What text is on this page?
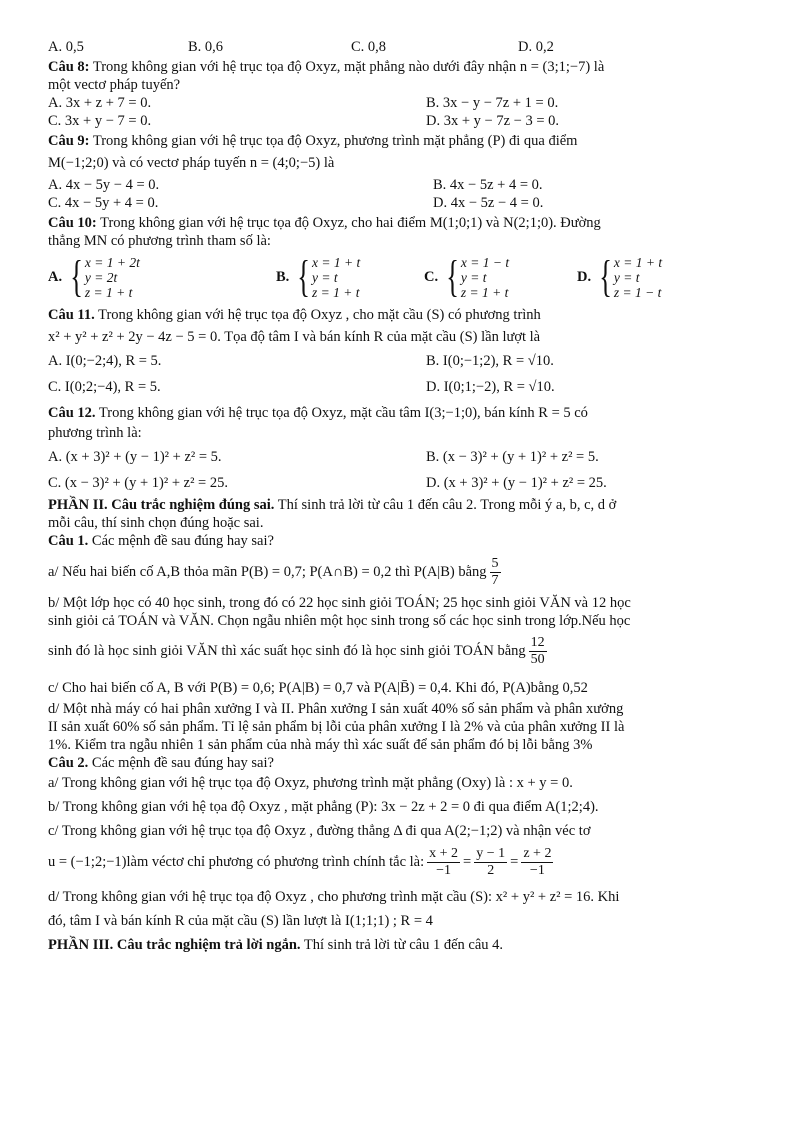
A. 0,5	B. 0,6	C. 0,8	D. 0,2

Câu 8: Trong không gian với hệ trục tọa độ Oxyz, mặt phẳng nào dưới đây nhận n = (3;1;−7) là

một vectơ pháp tuyến?

A. 3x + z + 7 = 0.	B. 3x − y − 7z + 1 = 0.
C. 3x + y − 7 = 0.	D. 3x + y − 7z − 3 = 0.

Câu 9: Trong không gian với hệ trục tọa độ Oxyz, phương trình mặt phẳng (P) đi qua điểm

M(−1;2;0) và có vectơ pháp tuyến n = (4;0;−5) là

A. 4x − 5y − 4 = 0.	B. 4x − 5z + 4 = 0.
C. 4x − 5y + 4 = 0.	D. 4x − 5z − 4 = 0.

Câu 10: Trong không gian với hệ trục tọa độ Oxyz, cho hai điểm M(1;0;1) và N(2;1;0). Đường

thẳng MN có phương trình tham số là:

A. { x = 1 + 2t
y = 2t
z = 1 + t
B. { x = 1 + t
y = t
z = 1 + t
C. { x = 1 − t
y = t
z = 1 + t
D. { x = 1 + t
y = t
z = 1 − t

Câu 11. Trong không gian với hệ trục tọa độ Oxyz , cho mặt cầu (S) có phương trình

x² + y² + z² + 2y − 4z − 5 = 0. Tọa độ tâm I và bán kính R của mặt cầu (S) lần lượt là

A. I(0;−2;4), R = 5.	B. I(0;−1;2), R = √10.
C. I(0;2;−4), R = 5.	D. I(0;1;−2), R = √10.

Câu 12. Trong không gian với hệ trục tọa độ Oxyz, mặt cầu tâm I(3;−1;0), bán kính R = 5 có

phương trình là:

A. (x + 3)² + (y − 1)² + z² = 5.	B. (x − 3)² + (y + 1)² + z² = 5.
C. (x − 3)² + (y + 1)² + z² = 25.	D. (x + 3)² + (y − 1)² + z² = 25.

PHẦN II. Câu trắc nghiệm đúng sai. Thí sinh trả lời từ câu 1 đến câu 2. Trong mỗi ý a, b, c, d ở

mỗi câu, thí sinh chọn đúng hoặc sai.

Câu 1. Các mệnh đề sau đúng hay sai?

a/ Nếu hai biến cố A,B thỏa mãn P(B) = 0,7; P(A∩B) = 0,2 thì P(A|B) bằng $\frac{5}{7}$

b/ Một lớp học có 40 học sinh, trong đó có 22 học sinh giỏi TOÁN; 25 học sinh giỏi VĂN và 12 học

sinh giỏi cả TOÁN và VĂN. Chọn ngẫu nhiên một học sinh trong số các học sinh trong lớp.Nếu học

sinh đó là học sinh giỏi VĂN thì xác suất học sinh đó là học sinh giỏi TOÁN bằng $\frac{12}{50}$

c/ Cho hai biến cố A, B với P(B) = 0,6; P(A|B) = 0,7 và P(A|B̄) = 0,4. Khi đó, P(A)bằng 0,52

d/ Một nhà máy có hai phân xưởng I và II. Phân xưởng I sản xuất 40% số sản phẩm và phân xưởng

II sản xuất 60% số sản phẩm. Tỉ lệ sản phẩm bị lỗi của phân xưởng I là 2% và của phân xưởng II là

1%. Kiểm tra ngẫu nhiên 1 sản phẩm của nhà máy thì xác suất để sản phẩm đó bị lỗi bằng 3%

Câu 2. Các mệnh đề sau đúng hay sai?

a/ Trong không gian với hệ trục tọa độ Oxyz, phương trình mặt phẳng (Oxy) là : x + y = 0.

b/ Trong không gian với hệ tọa độ Oxyz , mặt phẳng (P): 3x − 2z + 2 = 0 đi qua điểm A(1;2;4).

c/ Trong không gian với hệ trục tọa độ Oxyz , đường thẳng Δ đi qua A(2;−1;2) và nhận véc tơ

u = (−1;2;−1)làm véctơ chỉ phương có phương trình chính tắc là: $\frac{x + 2}{-1} = \frac{y - 1}{2} = \frac{z + 2}{-1}$

d/ Trong không gian với hệ trục tọa độ Oxyz , cho phương trình mặt cầu (S): x² + y² + z² = 16. Khi

đó, tâm I và bán kính R của mặt cầu (S) lần lượt là I(1;1;1) ; R = 4

PHẦN III. Câu trắc nghiệm trả lời ngắn. Thí sinh trả lời từ câu 1 đến câu 4.
